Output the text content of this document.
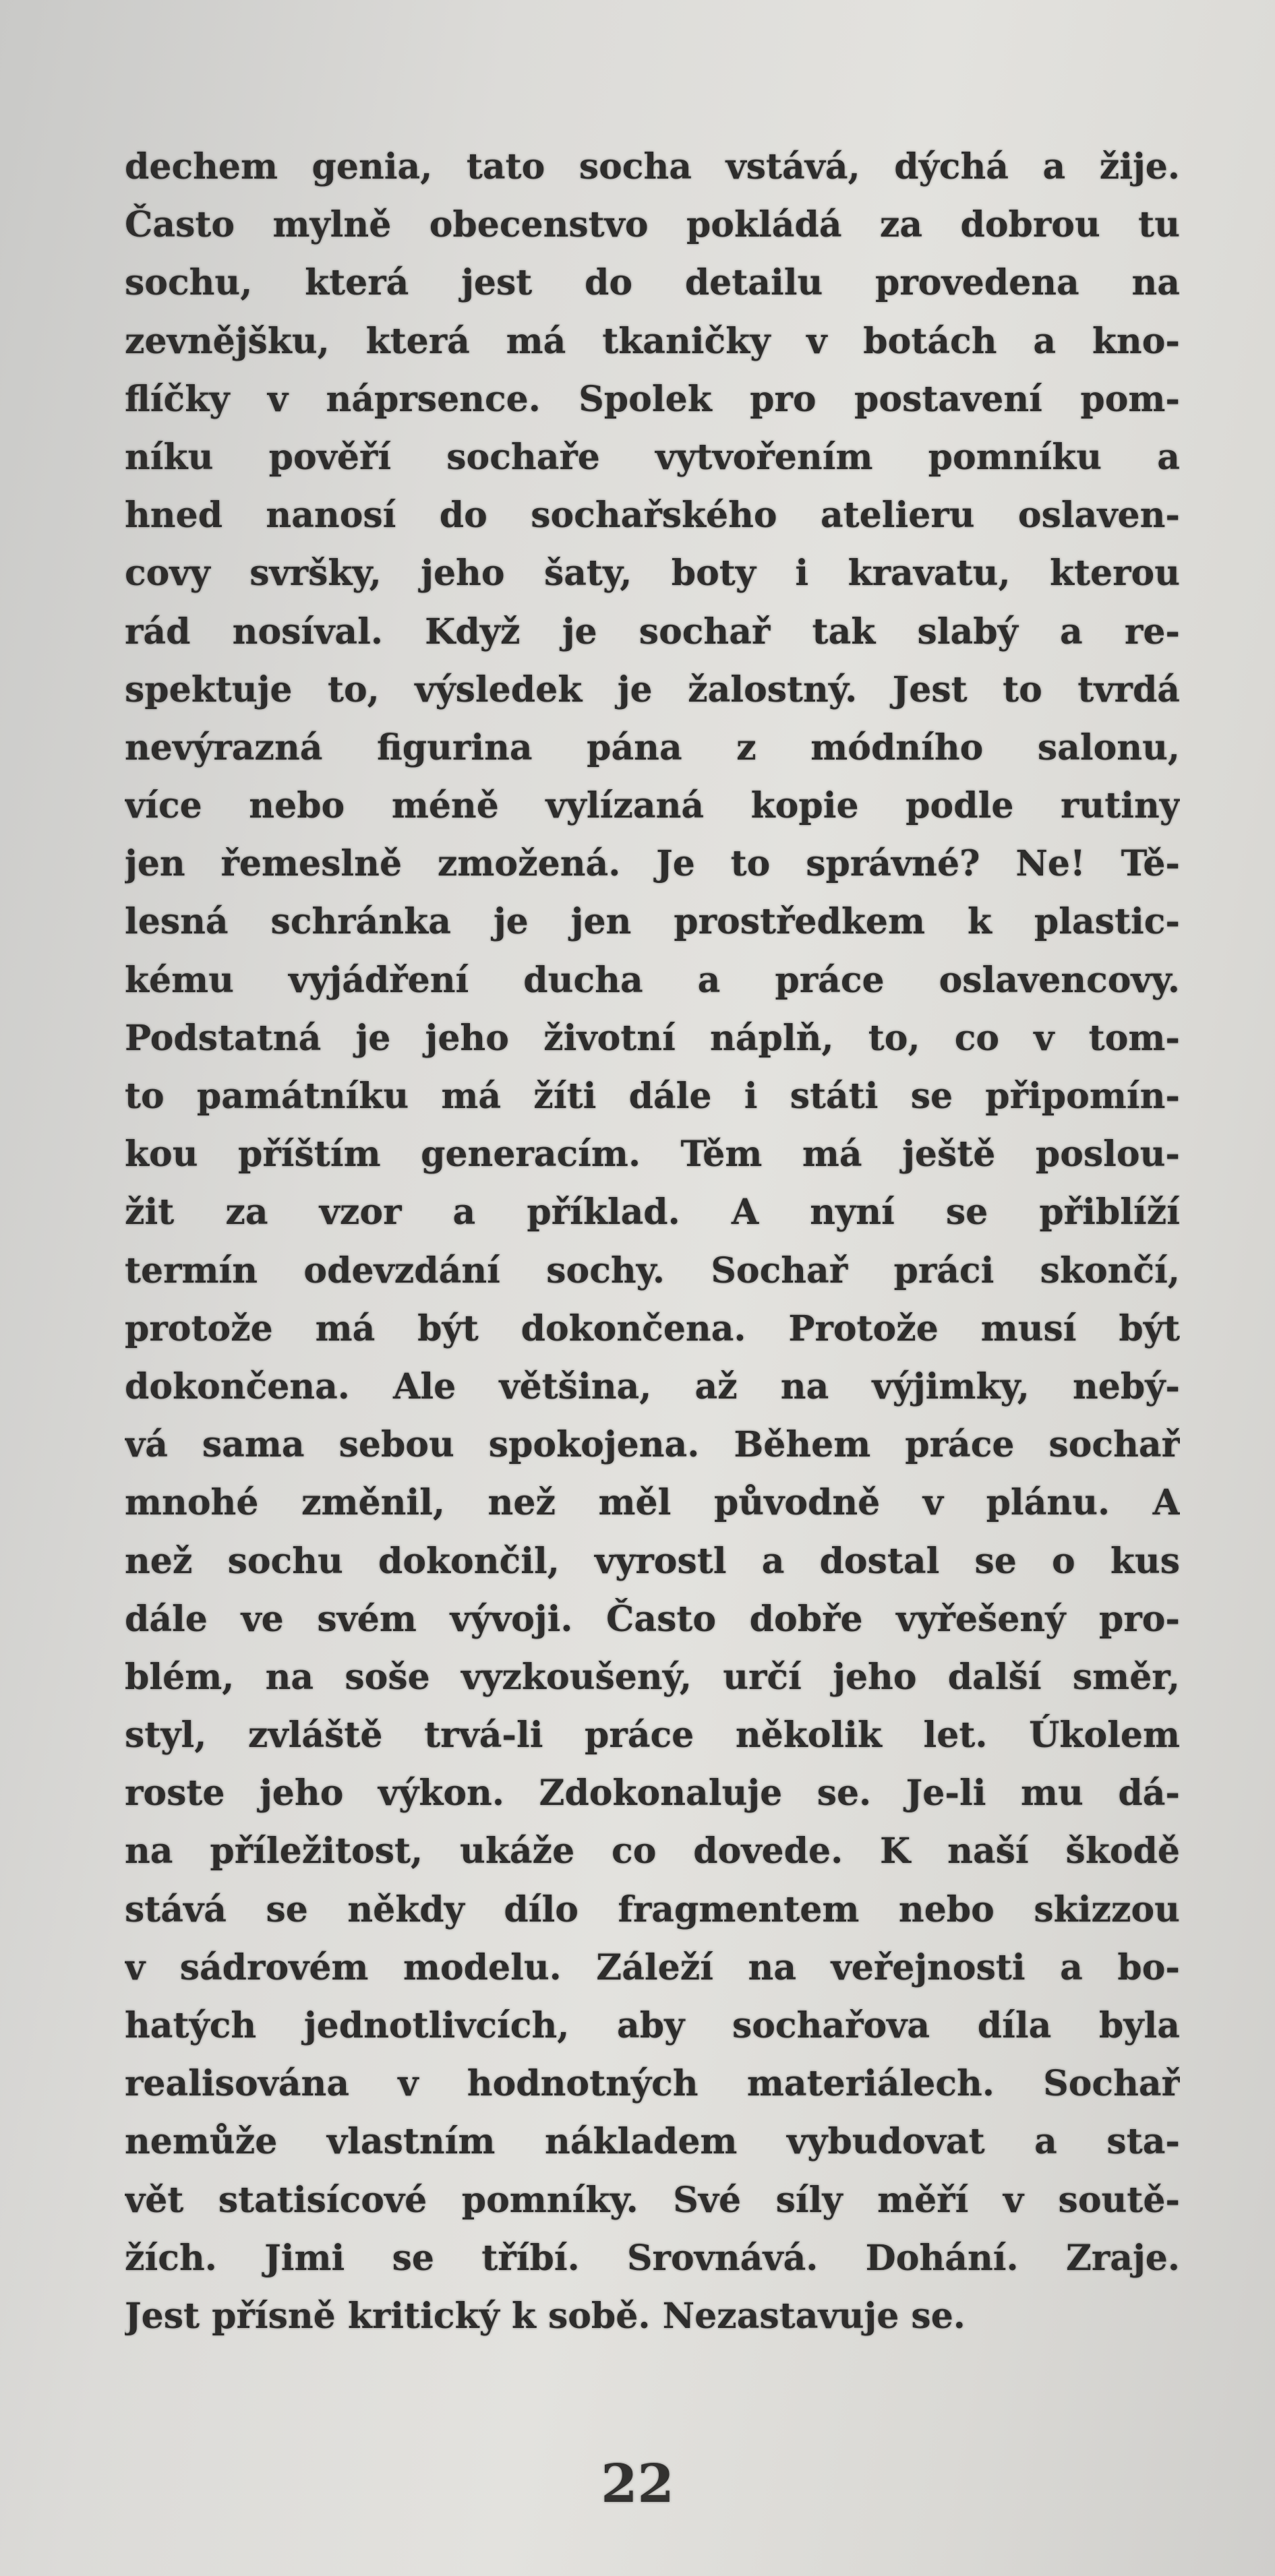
dechem genia, tato socha vstává, dýchá a žije.
Často mylně obecenstvo pokládá za dobrou tu
sochu, která jest do detailu provedena na
zevnějšku, která má tkaničky v botách a kno-
flíčky v náprsence. Spolek pro postavení pom-
níku pověří sochaře vytvořením pomníku a
hned nanosí do sochařského atelieru oslaven-
covy svršky, jeho šaty, boty i kravatu, kterou
rád nosíval. Když je sochař tak slabý a re-
spektuje to, výsledek je žalostný. Jest to tvrdá
nevýrazná figurina pána z módního salonu,
více nebo méně vylízaná kopie podle rutiny
jen řemeslně zmožená. Je to správné? Ne! Tě-
lesná schránka je jen prostředkem k plastic-
kému vyjádření ducha a práce oslavencovy.
Podstatná je jeho životní náplň, to, co v tom-
to památníku má žíti dále i státi se připomín-
kou příštím generacím. Těm má ještě poslou-
žit za vzor a příklad. A nyní se přiblíží
termín odevzdání sochy. Sochař práci skončí,
protože má být dokončena. Protože musí být
dokončena. Ale většina, až na výjimky, nebý-
vá sama sebou spokojena. Během práce sochař
mnohé změnil, než měl původně v plánu. A
než sochu dokončil, vyrostl a dostal se o kus
dále ve svém vývoji. Často dobře vyřešený pro-
blém, na soše vyzkoušený, určí jeho další směr,
styl, zvláště trvá-li práce několik let. Úkolem
roste jeho výkon. Zdokonaluje se. Je-li mu dá-
na příležitost, ukáže co dovede. K naší škodě
stává se někdy dílo fragmentem nebo skizzou
v sádrovém modelu. Záleží na veřejnosti a bo-
hatých jednotlivcích, aby sochařova díla byla
realisována v hodnotných materiálech. Sochař
nemůže vlastním nákladem vybudovat a sta-
vět statisícové pomníky. Své síly měří v soutě-
žích. Jimi se tříbí. Srovnává. Dohání. Zraje.
Jest přísně kritický k sobě. Nezastavuje se.
22
